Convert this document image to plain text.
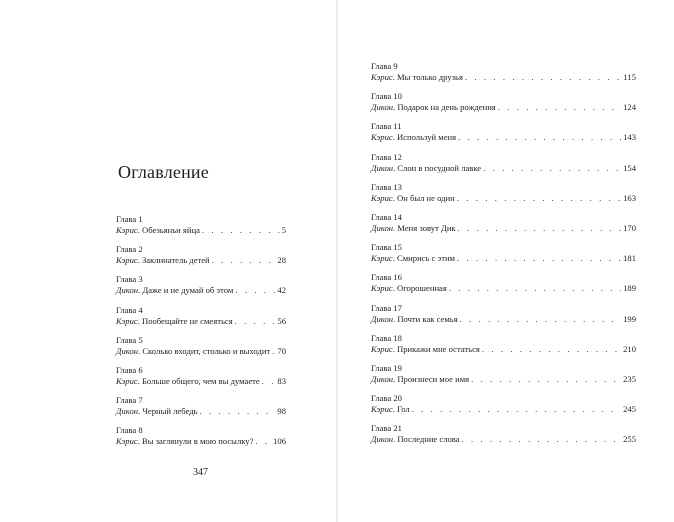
Оглавление
Глава 1
Кэрис . Обезьяньи яйца . . .	5
Глава 2
Кэрис . Заклинатель детей . . .	28
Глава 3
Дикон . Даже и не думай об этом . . .	42
Глава 4
Кэрис . Пообещайте не смеяться . . .	56
Глава 5
Дикон . Сколько входит, столько и выходит . . . 70
Глава 6
Кэрис . Больше общего, чем вы думаете . . . 83
Глава 7
Дикон . Черный лебедь . . .	98
Глава 8
Кэрис . Вы заглянули в мою посылку? . . . 106
347
Глава 9
Кэрис . Мы только друзья . . .	115
Глава 10
Дикон . Подарок на день рождения . . .	124
Глава 11
Кэрис . Используй меня . . .	143
Глава 12
Дикон . Слон в посудной лавке . . .	154
Глава 13
Кэрис . Он был не один . . .	163
Глава 14
Дикон . Меня зовут Дик . . .	170
Глава 15
Кэрис . Смирись с этим . . .	181
Глава 16
Кэрис . Огорошенная . . .	189
Глава 17
Дикон . Почти как семья . . .	199
Глава 18
Кэрис . Прикажи мне остаться . . .	210
Глава 19
Дикон . Произнеси мое имя . . .	235
Глава 20
Кэрис . Гол . . .	245
Глава 21
Дикон . Последние слова . . .	255
